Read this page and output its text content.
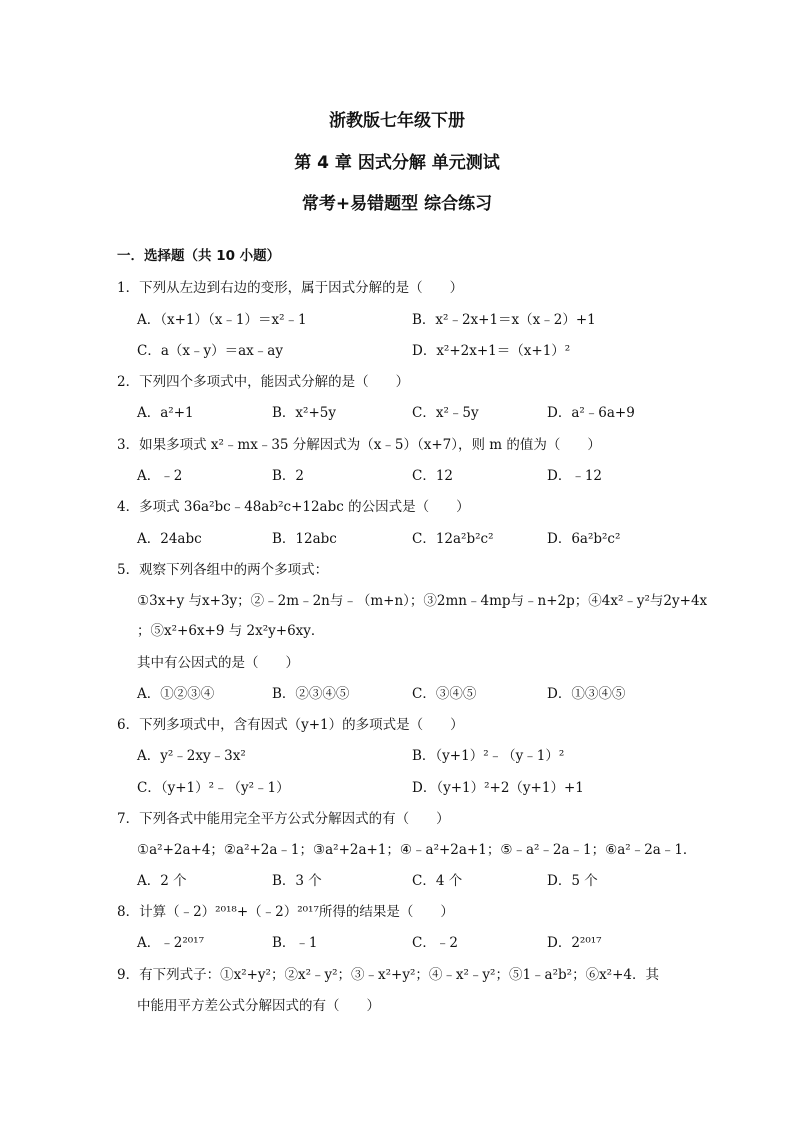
浙教版七年级下册
第 4 章 因式分解 单元测试
常考+易错题型 综合练习
一．选择题（共 10 小题）
1．下列从左边到右边的变形，属于因式分解的是（　　）
A．（x+1）（x﹣1）＝x²﹣1	B．x²﹣2x+1＝x（x﹣2）+1
C．a（x﹣y）＝ax﹣ay	D．x²+2x+1＝（x+1）²
2．下列四个多项式中，能因式分解的是（　　）
A．a²+1	B．x²+5y	C．x²﹣5y	D．a²﹣6a+9
3．如果多项式 x²﹣mx﹣35 分解因式为（x﹣5）（x+7），则 m 的值为（　　）
A．﹣2	B．2	C．12	D．﹣12
4．多项式 36a²bc﹣48ab²c+12abc 的公因式是（　　）
A．24abc	B．12abc	C．12a²b²c²	D．6a²b²c²
5．观察下列各组中的两个多项式：
①3x+y 与x+3y；②﹣2m﹣2n与﹣（m+n）；③2mn﹣4mp与﹣n+2p；④4x²﹣y²与2y+4x
；⑤x²+6x+9 与 2x²y+6xy．
其中有公因式的是（　　）
A．①②③④	B．②③④⑤	C．③④⑤	D．①③④⑤
6．下列多项式中，含有因式（y+1）的多项式是（　　）
A．y²﹣2xy﹣3x²	B．（y+1）²﹣（y﹣1）²
C．（y+1）²﹣（y²﹣1）	D．（y+1）²+2（y+1）+1
7．下列各式中能用完全平方公式分解因式的有（　　）
①a²+2a+4；②a²+2a﹣1；③a²+2a+1；④﹣a²+2a+1；⑤﹣a²﹣2a﹣1；⑥a²﹣2a﹣1．
A．2 个	B．3 个	C．4 个	D．5 个
8．计算（﹣2）²⁰¹⁸+（﹣2）²⁰¹⁷所得的结果是（　　）
A．﹣2²⁰¹⁷	B．﹣1	C．﹣2	D．2²⁰¹⁷
9．有下列式子：①x²+y²；②x²﹣y²；③﹣x²+y²；④﹣x²﹣y²；⑤1﹣a²b²；⑥x²+4．其
中能用平方差公式分解因式的有（　　）
